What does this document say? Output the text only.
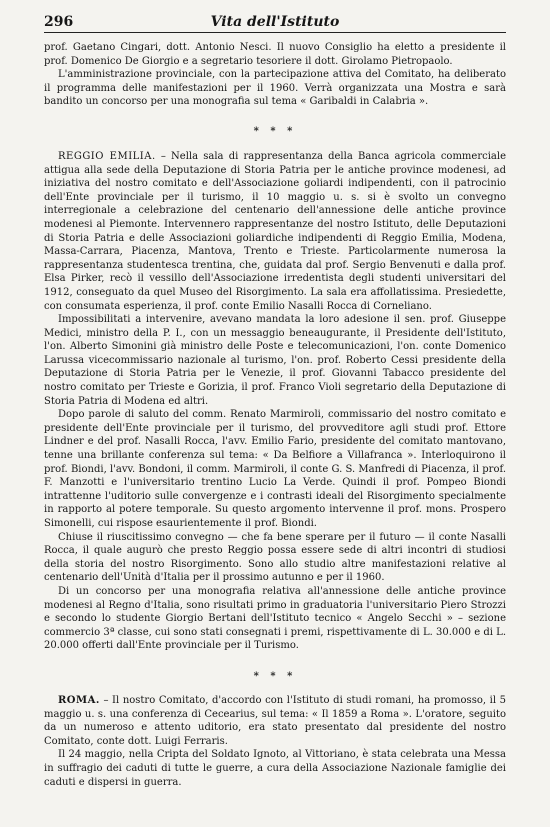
296	Vita dell'Istituto

prof. Gaetano Cingari, dott. Antonio Nesci. Il nuovo Consiglio ha eletto a presidente il prof. Domenico De Giorgio e a segretario tesoriere il dott. Girolamo Pietropaolo.

L'amministrazione provinciale, con la partecipazione attiva del Comitato, ha deliberato il programma delle manifestazioni per il 1960. Verrà organizzata una Mostra e sarà bandito un concorso per una monografia sul tema « Garibaldi in Calabria ».

* * *

REGGIO EMILIA. – Nella sala di rappresentanza della Banca agricola commerciale attigua alla sede della Deputazione di Storia Patria per le antiche province modenesi, ad iniziativa del nostro comitato e dell'Associazione goliardi indipendenti, con il patrocinio dell'Ente provinciale per il turismo, il 10 maggio u. s. si è svolto un convegno interregionale a celebrazione del centenario dell'annessione delle antiche province modenesi al Piemonte. Intervennero rappresentanze del nostro Istituto, delle Deputazioni di Storia Patria e delle Associazioni goliardiche indipendenti di Reggio Emilia, Modena, Massa-Carrara, Piacenza, Mantova, Trento e Trieste. Particolarmente numerosa la rappresentanza studentesca trentina, che, guidata dal prof. Sergio Benvenuti e dalla prof. Elsa Pirker, recò il vessillo dell'Associazione irredentista degli studenti universitari del 1912, conseguato da quel Museo del Risorgimento. La sala era affollatissima. Presiedette, con consumata esperienza, il prof. conte Emilio Nasalli Rocca di Corneliano.

Impossibilitati a intervenire, avevano mandata la loro adesione il sen. prof. Giuseppe Medici, ministro della P. I., con un messaggio beneaugurante, il Presidente dell'Istituto, l'on. Alberto Simonini già ministro delle Poste e telecomunicazioni, l'on. conte Domenico Larussa vicecommissario nazionale al turismo, l'on. prof. Roberto Cessi presidente della Deputazione di Storia Patria per le Venezie, il prof. Giovanni Tabacco presidente del nostro comitato per Trieste e Gorizia, il prof. Franco Violi segretario della Deputazione di Storia Patria di Modena ed altri.

Dopo parole di saluto del comm. Renato Marmiroli, commissario del nostro comitato e presidente dell'Ente provinciale per il turismo, del provveditore agli studi prof. Ettore Lindner e del prof. Nasalli Rocca, l'avv. Emilio Fario, presidente del comitato mantovano, tenne una brillante conferenza sul tema: « Da Belfiore a Villafranca ». Interloquirono il prof. Biondi, l'avv. Bondoni, il comm. Marmiroli, il conte G. S. Manfredi di Piacenza, il prof. F. Manzotti e l'universitario trentino Lucio La Verde. Quindi il prof. Pompeo Biondi intrattenne l'uditorio sulle convergenze e i contrasti ideali del Risorgimento specialmente in rapporto al potere temporale. Su questo argomento intervenne il prof. mons. Prospero Simonelli, cui rispose esaurientemente il prof. Biondi.

Chiuse il riuscitissimo convegno — che fa bene sperare per il futuro — il conte Nasalli Rocca, il quale augurò che presto Reggio possa essere sede di altri incontri di studiosi della storia del nostro Risorgimento. Sono allo studio altre manifestazioni relative al centenario dell'Unità d'Italia per il prossimo autunno e per il 1960.

Di un concorso per una monografia relativa all'annessione delle antiche province modenesi al Regno d'Italia, sono risultati primo in graduatoria l'universitario Piero Strozzi e secondo lo studente Giorgio Bertani dell'Istituto tecnico « Angelo Secchi » – sezione commercio 3ª classe, cui sono stati consegnati i premi, rispettivamente di L. 30.000 e di L. 20.000 offerti dall'Ente provinciale per il Turismo.

* * *

ROMA. – Il nostro Comitato, d'accordo con l'Istituto di studi romani, ha promosso, il 5 maggio u. s. una conferenza di Cecearius, sul tema: « Il 1859 a Roma ». L'oratore, seguito da un numeroso e attento uditorio, era stato presentato dal presidente del nostro Comitato, conte dott. Luigi Ferraris.

Il 24 maggio, nella Cripta del Soldato Ignoto, al Vittoriano, è stata celebrata una Messa in suffragio dei caduti di tutte le guerre, a cura della Associazione Nazionale famiglie dei caduti e dispersi in guerra.
